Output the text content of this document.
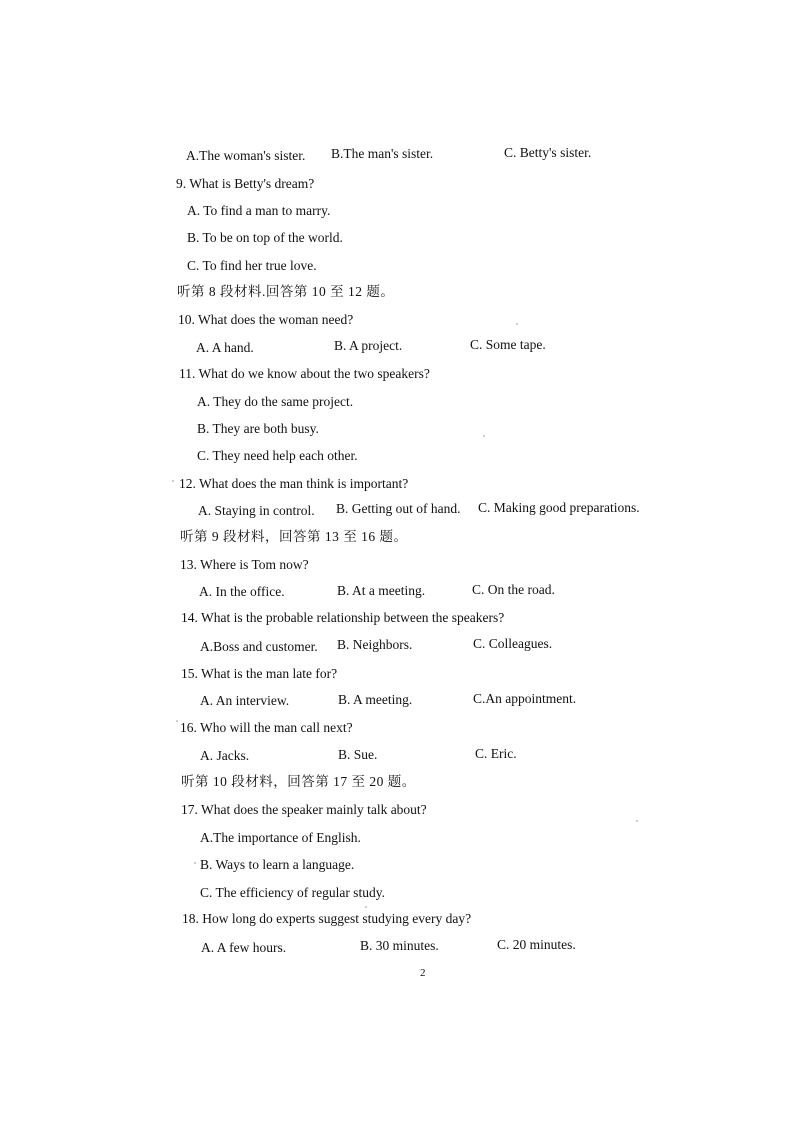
A.The woman's sister. B.The man's sister.	C. Betty's sister.
9. What is Betty's dream?
A. To find a man to marry.
B. To be on top of the world.
C. To find her true love.
听第 8 段材料.回答第 10 至 12 题。
10. What does the woman need?
A. A hand.	B. A project.	C. Some tape.
11. What do we know about the two speakers?
A. They do the same project.
B. They are both busy.
C. They need help each other.
12. What does the man think is important?
A. Staying in control. B. Getting out of hand. C. Making good preparations.
听第 9 段材料，回答第 13 至 16 题。
13. Where is Tom now?
A. In the office.	B. At a meeting.	C. On the road.
14. What is the probable relationship between the speakers?
A.Boss and customer. B. Neighbors.	C. Colleagues.
15. What is the man late for?
A. An interview.	B. A meeting.	C.An appointment.
16. Who will the man call next?
A. Jacks.	B. Sue.	C. Eric.
听第 10 段材料，回答第 17 至 20 题。
17. What does the speaker mainly talk about?
A.The importance of English.
B. Ways to learn a language.
C. The efficiency of regular study.
18. How long do experts suggest studying every day?
A. A few hours.	B. 30 minutes.	C. 20 minutes.
2
